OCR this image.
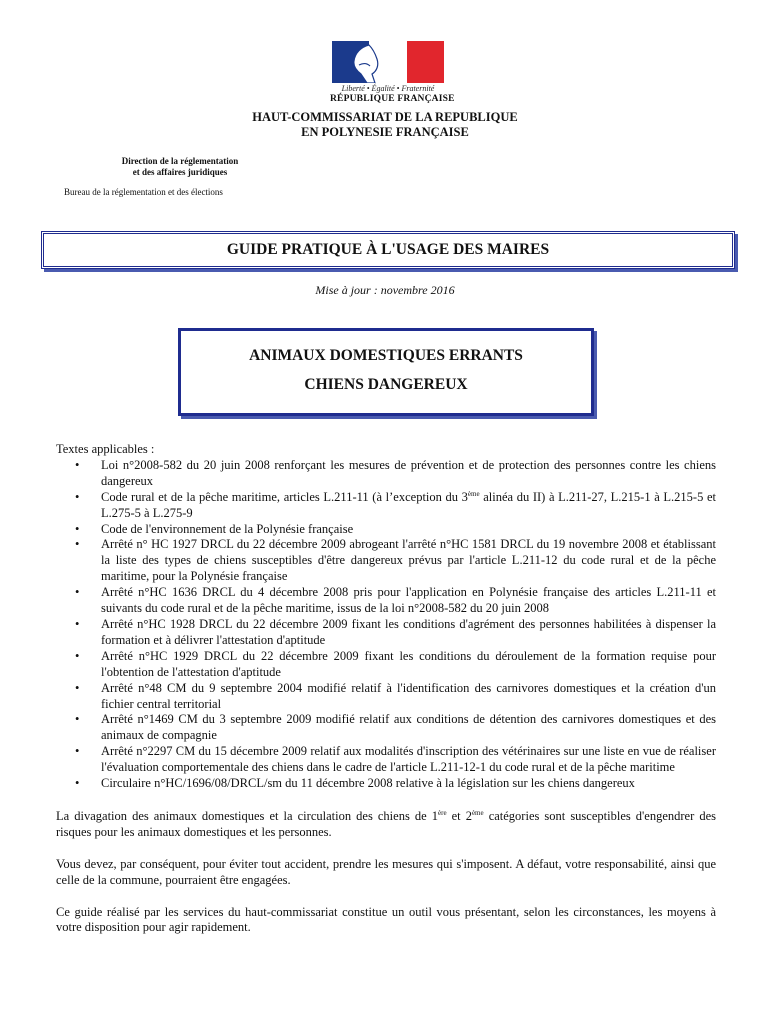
Liberté • Égalité • Fraternité
RÉPUBLIQUE FRANÇAISE
HAUT-COMMISSARIAT DE LA REPUBLIQUE
EN POLYNESIE FRANÇAISE
Direction de la réglementation
et des affaires juridiques
Bureau de la réglementation et des élections
GUIDE PRATIQUE À L'USAGE DES MAIRES
Mise à jour : novembre 2016
ANIMAUX DOMESTIQUES ERRANTS
CHIENS DANGEREUX

Textes applicables :

• Loi n°2008-582 du 20 juin 2008 renforçant les mesures de prévention et de protection des personnes contre les chiens dangereux
• Code rural et de la pêche maritime, articles L.211-11 (à l’exception du 3ème alinéa du II) à L.211-27, L.215-1 à L.215-5 et L.275-5 à L.275-9
• Code de l'environnement de la Polynésie française
• Arrêté n° HC 1927 DRCL du 22 décembre 2009 abrogeant l'arrêté n°HC 1581 DRCL du 19 novembre 2008 et établissant la liste des types de chiens susceptibles d'être dangereux prévus par l'article L.211-12 du code rural et de la pêche maritime, pour la Polynésie française
• Arrêté n°HC 1636 DRCL du 4 décembre 2008 pris pour l'application en Polynésie française des articles L.211-11 et suivants du code rural et de la pêche maritime, issus de la loi n°2008-582 du 20 juin 2008
• Arrêté n°HC 1928 DRCL du 22 décembre 2009 fixant les conditions d'agrément des personnes habilitées à dispenser la formation et à délivrer l'attestation d'aptitude
• Arrêté n°HC 1929 DRCL du 22 décembre 2009 fixant les conditions du déroulement de la formation requise pour l'obtention de l'attestation d'aptitude
• Arrêté n°48 CM du 9 septembre 2004 modifié relatif à l'identification des carnivores domestiques et la création d'un fichier central territorial
• Arrêté n°1469 CM du 3 septembre 2009 modifié relatif aux conditions de détention des carnivores domestiques et des animaux de compagnie
• Arrêté n°2297 CM du 15 décembre 2009 relatif aux modalités d'inscription des vétérinaires sur une liste en vue de réaliser l'évaluation comportementale des chiens dans le cadre de l'article L.211-12-1 du code rural et de la pêche maritime
• Circulaire n°HC/1696/08/DRCL/sm du 11 décembre 2008 relative à la législation sur les chiens dangereux

La divagation des animaux domestiques et la circulation des chiens de 1ère et 2ème catégories sont susceptibles d'engendrer des risques pour les animaux domestiques et les personnes.

Vous devez, par conséquent, pour éviter tout accident, prendre les mesures qui s'imposent. A défaut, votre responsabilité, ainsi que celle de la commune, pourraient être engagées.

Ce guide réalisé par les services du haut-commissariat constitue un outil vous présentant, selon les circonstances, les moyens à votre disposition pour agir rapidement.
